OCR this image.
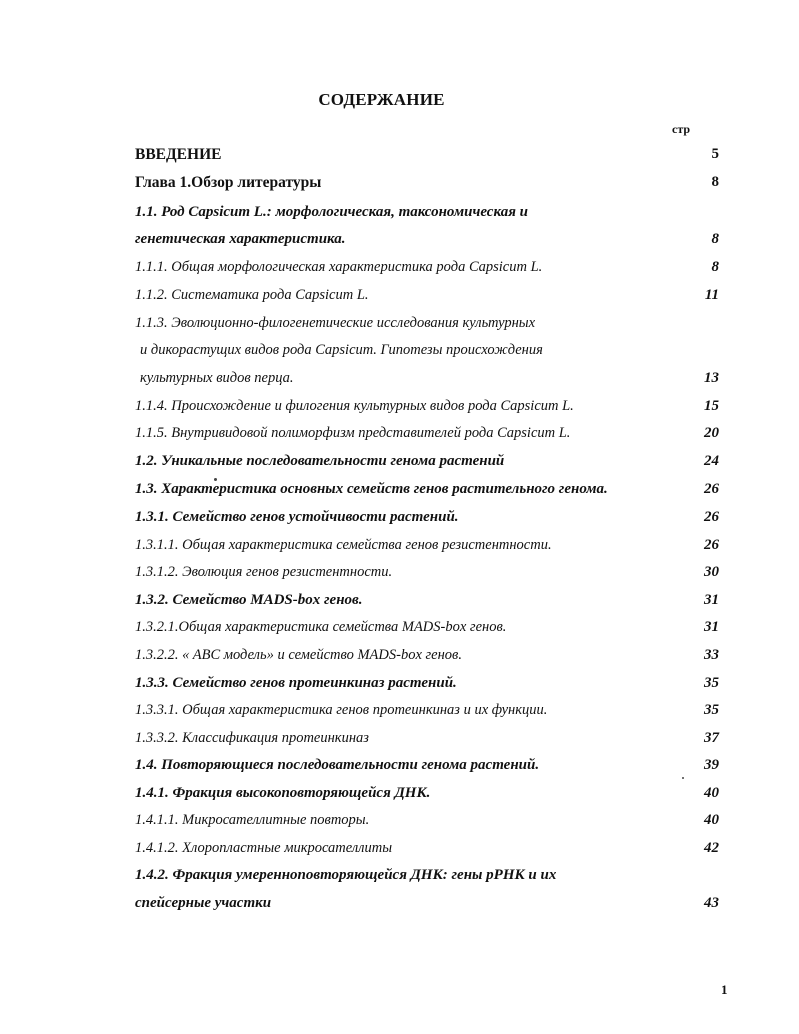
СОДЕРЖАНИЕ
стр
ВВЕДЕНИЕ	5
Глава 1.Обзор литературы	8
1.1. Род Capsicum L.: морфологическая, таксономическая и
генетическая характеристика.	8
1.1.1. Общая морфологическая характеристика рода Capsicum L.	8
1.1.2. Систематика рода Capsicum L.	11
1.1.3. Эволюционно-филогенетические исследования культурных
и дикорастущих видов рода Capsicum. Гипотезы происхождения
культурных видов перца.	13
1.1.4. Происхождение и филогения культурных видов рода Capsicum L.	15
1.1.5. Внутривидовой полиморфизм представителей рода Capsicum L.	20
1.2. Уникальные последовательности генома растений	24
1.3. Характеристика основных семейств генов растительного генома.	26
1.3.1. Семейство генов устойчивости растений.	26
1.3.1.1. Общая характеристика семейства генов резистентности.	26
1.3.1.2. Эволюция генов резистентности.	30
1.3.2. Семейство MADS-box генов.	31
1.3.2.1.Общая характеристика семейства MADS-box генов.	31
1.3.2.2. « ABC модель» и семейство MADS-box генов.	33
1.3.3. Семейство генов протеинкиназ растений.	35
1.3.3.1. Общая характеристика генов протеинкиназ и их функции.	35
1.3.3.2. Классификация протеинкиназ	37
1.4. Повторяющиеся последовательности генома растений.	39
1.4.1. Фракция высокоповторяющейся ДНК.	40
1.4.1.1. Микросателлитные повторы.	40
1.4.1.2. Хлоропластные микросателлиты	42
1.4.2. Фракция умеренноповторяющейся ДНК: гены рРНК и их
спейсерные участки	43
1
